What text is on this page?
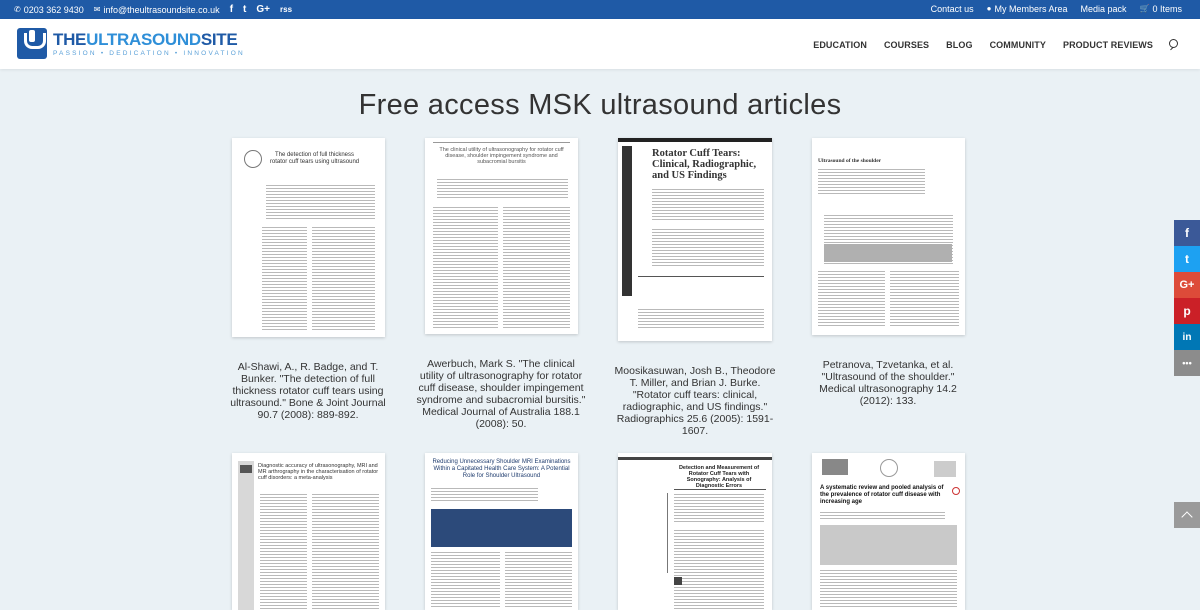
✆ 0203 362 9430 ✉ info@theultrasoundsite.co.uk f t G+ rss	Contact us ● My Members Area Media pack 🛒 0 Items
THEULTRASOUNDSITE
PASSION • DEDICATION • INNOVATION
EDUCATION COURSES BLOG COMMUNITY PRODUCT REVIEWS
Free access MSK ultrasound articles
The detection of full thickness rotator cuff tears using ultrasound
Al-Shawi, A., R. Badge, and T. Bunker. "The detection of full thickness rotator cuff tears using ultrasound." Bone & Joint Journal 90.7 (2008): 889-892.
The clinical utility of ultrasonography for rotator cuff disease, shoulder impingement syndrome and subacromial bursitis
Awerbuch, Mark S. "The clinical utility of ultrasonography for rotator cuff disease, shoulder impingement syndrome and subacromial bursitis." Medical Journal of Australia 188.1 (2008): 50.
Rotator Cuff Tears: Clinical, Radiographic, and US Findings
Moosikasuwan, Josh B., Theodore T. Miller, and Brian J. Burke. "Rotator cuff tears: clinical, radiographic, and US findings." Radiographics 25.6 (2005): 1591-1607.
Ultrasound of the shoulder
Petranova, Tzvetanka, et al. "Ultrasound of the shoulder." Medical ultrasonography 14.2 (2012): 133.
Diagnostic accuracy of ultrasonography, MRI and MR arthrography in the characterisation of rotator cuff disorders: a meta-analysis
Reducing Unnecessary Shoulder MRI Examinations Within a Capitated Health Care System: A Potential Role for Shoulder Ultrasound
Detection and Measurement of Rotator Cuff Tears with Sonography: Analysis of Diagnostic Errors	A systematic review and pooled analysis of the prevalence of rotator cuff disease with increasing age
f
t
G+
p
in
•••
